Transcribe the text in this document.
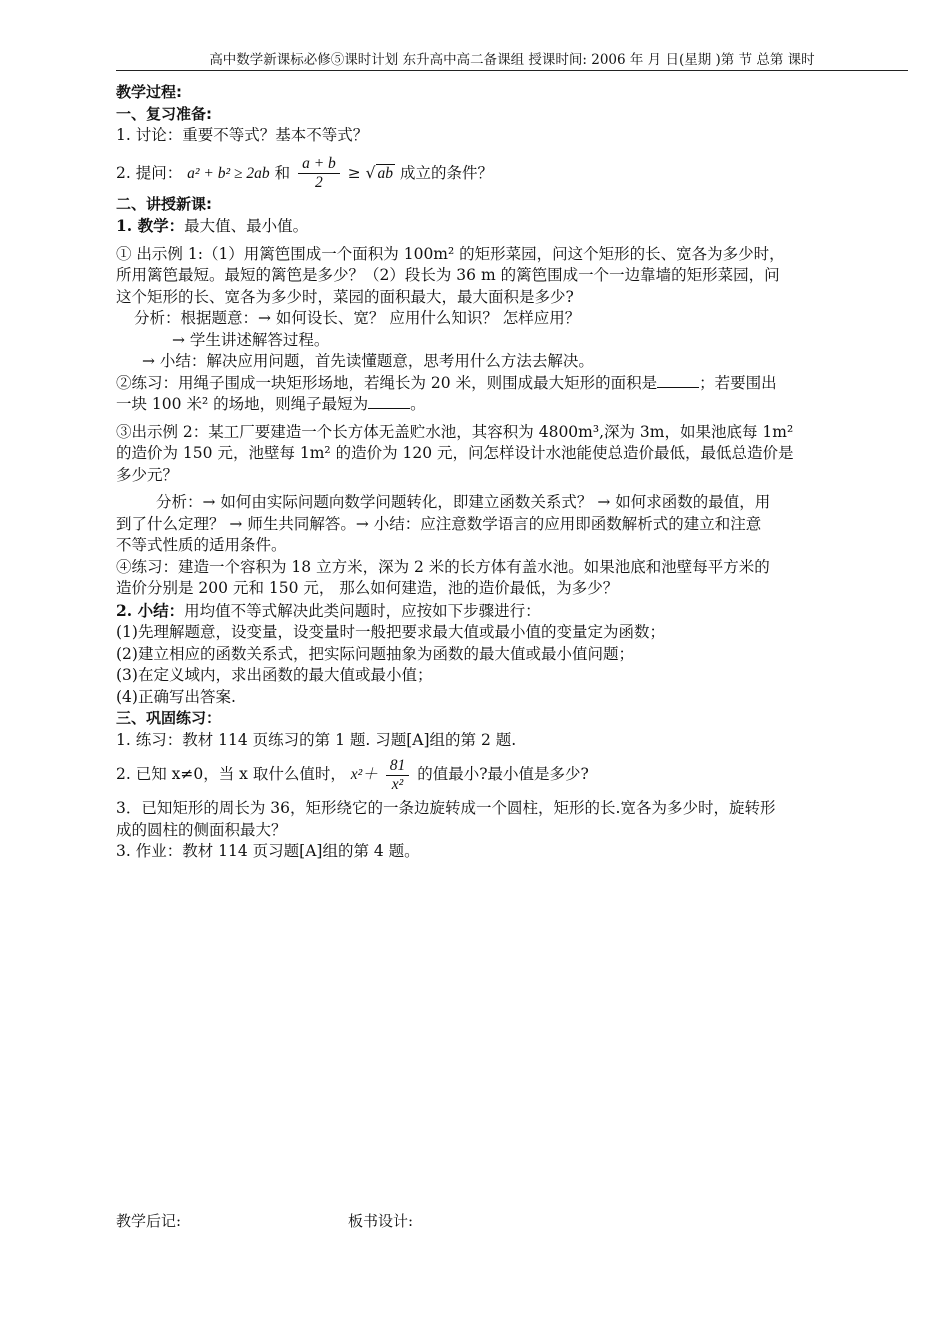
高中数学新课标必修⑤课时计划 东升高中高二备课组 授课时间: 2006 年 月 日(星期 )第 节 总第 课时

教学过程:

一、复习准备:

1. 讨论：重要不等式？基本不等式？

2. 提问： a² + b² ≥ 2ab 和 $\frac{a + b}{2}$ ≥ √ ab 成立的条件？

二、讲授新课:

1. 教学：最大值、最小值。

① 出示例 1:（1）用篱笆围成一个面积为 100m² 的矩形菜园，问这个矩形的长、宽各为多少时，

所用篱笆最短。最短的篱笆是多少？（2）段长为 36 m 的篱笆围成一个一边靠墙的矩形菜园，问

这个矩形的长、宽各为多少时，菜园的面积最大，最大面积是多少?

分析：根据题意：→ 如何设长、宽？ 应用什么知识？ 怎样应用？

→ 学生讲述解答过程。

→ 小结：解决应用问题，首先读懂题意，思考用什么方法去解决。

②练习：用绳子围成一块矩形场地，若绳长为 20 米，则围成最大矩形的面积是	；若要围出

一块 100 米² 的场地，则绳子最短为	。

③出示例 2：某工厂要建造一个长方体无盖贮水池，其容积为 4800m³,深为 3m，如果池底每 1m²

的造价为 150 元，池壁每 1m² 的造价为 120 元，问怎样设计水池能使总造价最低，最低总造价是

多少元？

分析：→ 如何由实际问题向数学问题转化，即建立函数关系式？ → 如何求函数的最值，用

到了什么定理？ → 师生共同解答。→ 小结：应注意数学语言的应用即函数解析式的建立和注意

不等式性质的适用条件。

④练习：建造一个容积为 18 立方米，深为 2 米的长方体有盖水池。如果池底和池壁每平方米的

造价分别是 200 元和 150 元， 那么如何建造，池的造价最低，为多少？

2. 小结：用均值不等式解决此类问题时，应按如下步骤进行：

(1)先理解题意，设变量，设变量时一般把要求最大值或最小值的变量定为函数；

(2)建立相应的函数关系式，把实际问题抽象为函数的最大值或最小值问题；

(3)在定义域内，求出函数的最大值或最小值；

(4)正确写出答案.

三、巩固练习：

1. 练习：教材 114 页练习的第 1 题. 习题[A]组的第 2 题.

2. 已知 x≠0，当 x 取什么值时， $x^2+ \frac{81}{\text{x²}}$ 的值最小?最小值是多少?

3．已知矩形的周长为 36，矩形绕它的一条边旋转成一个圆柱，矩形的长.宽各为多少时，旋转形

成的圆柱的侧面积最大？

3. 作业：教材 114 页习题[A]组的第 4 题。

教学后记:	板书设计:
